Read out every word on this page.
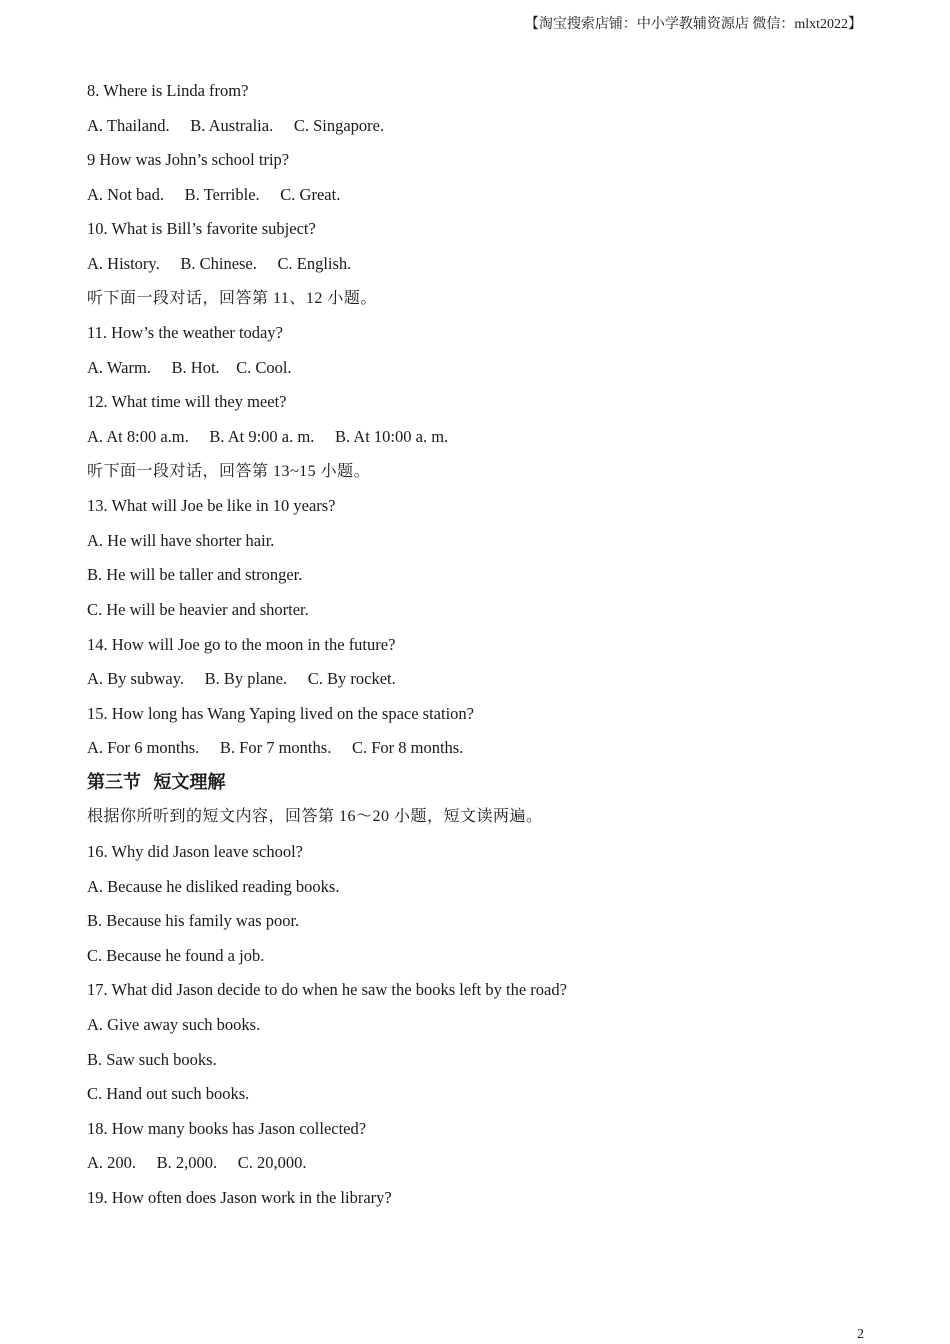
【淘宝搜索店铺：中小学教辅资源店 微信：mlxt2022】
8. Where is Linda from?
A. Thailand.     B. Australia.     C. Singapore.
9 How was John’s school trip?
A. Not bad.     B. Terrible.     C. Great.
10. What is Bill’s favorite subject?
A. History.     B. Chinese.     C. English.
听下面一段对话，回答第 11、12 小题。
11. How’s the weather today?
A. Warm.     B. Hot.    C. Cool.
12. What time will they meet?
A. At 8:00 a.m.     B. At 9:00 a. m.     B. At 10:00 a. m.
听下面一段对话，回答第 13~15 小题。
13. What will Joe be like in 10 years?
A. He will have shorter hair.
B. He will be taller and stronger.
C. He will be heavier and shorter.
14. How will Joe go to the moon in the future?
A. By subway.     B. By plane.     C. By rocket.
15. How long has Wang Yaping lived on the space station?
A. For 6 months.     B. For 7 months.     C. For 8 months.
第三节  短文理解
根据你所听到的短文内容，回答第 16～20 小题，短文读两遍。
16. Why did Jason leave school?
A. Because he disliked reading books.
B. Because his family was poor.
C. Because he found a job.
17. What did Jason decide to do when he saw the books left by the road?
A. Give away such books.
B. Saw such books.
C. Hand out such books.
18. How many books has Jason collected?
A. 200.     B. 2,000.     C. 20,000.
19. How often does Jason work in the library?
2
